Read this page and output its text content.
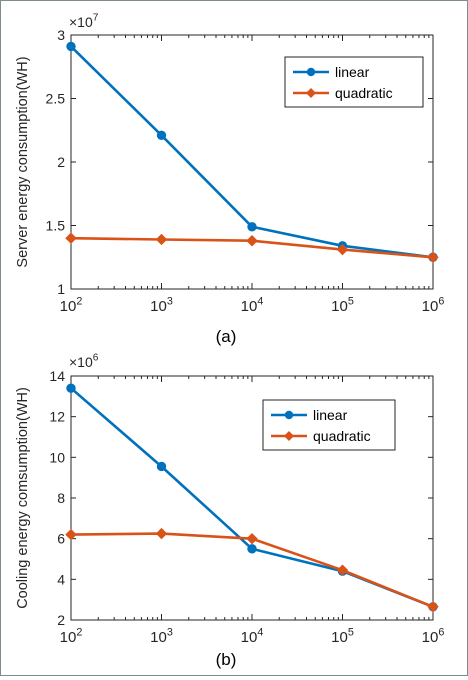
1
1.5
2
2.5
3
$10^2$	$10^3$	$10^4$	$10^5$	$10^6$
$\times 10^7$
Server energy consumption(WH)	linear
quadratic
(a)
2
4
6
8
10
12
14
$10^2$	$10^3$	$10^4$	$10^5$	$10^6$
$\times 10^6$
Cooling energy comsumption(WH)	linear
quadratic
(b)
